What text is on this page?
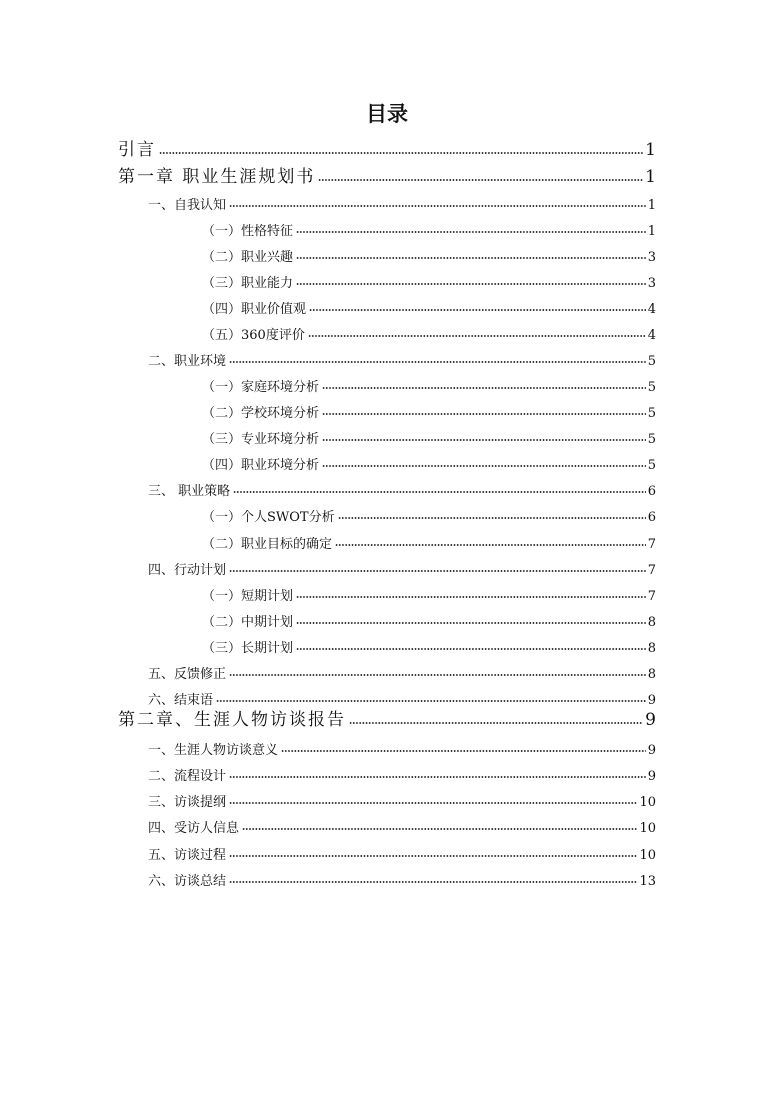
目录
引言	1
第一章 职业生涯规划书	1
一、自我认知	1
（一）性格特征	1
（二）职业兴趣	3
（三）职业能力	3
（四）职业价值观	4
（五）360度评价	4
二、职业环境	5
（一）家庭环境分析	5
（二）学校环境分析	5
（三）专业环境分析	5
（四）职业环境分析	5
三、 职业策略	6
（一）个人SWOT分析	6
（二）职业目标的确定	7
四、行动计划	7
（一）短期计划	7
（二）中期计划	8
（三）长期计划	8
五、反馈修正	8
六、结束语	9
第二章、生涯人物访谈报告	9
一、生涯人物访谈意义	9
二、流程设计	9
三、访谈提纲	10
四、受访人信息	10
五、访谈过程	10
六、访谈总结	13
